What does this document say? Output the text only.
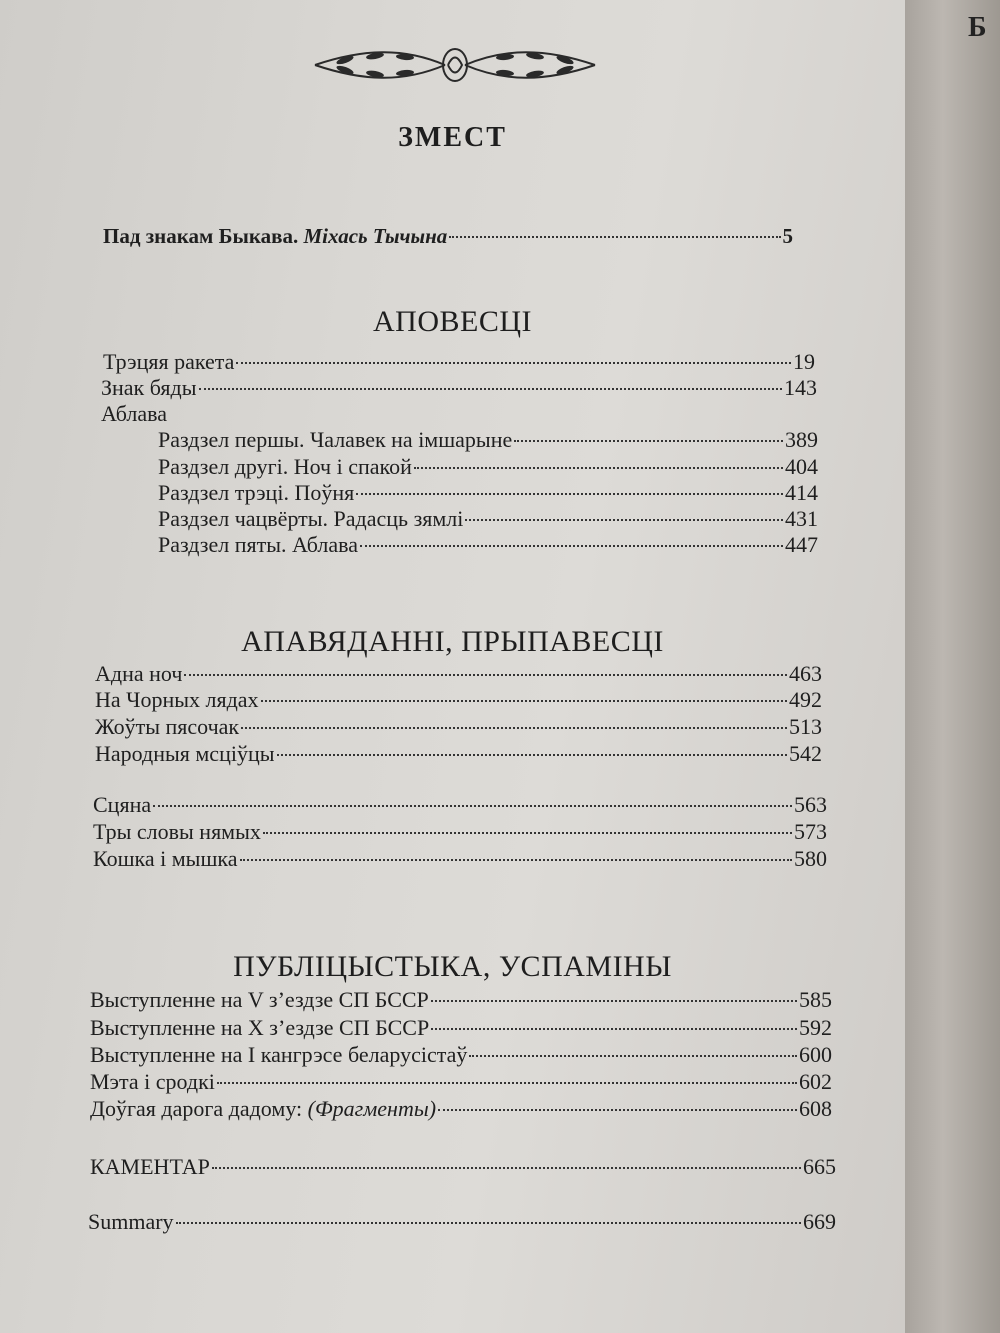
ЗМЕСТ
Пад знакам Быкава. Міхась Тычына	5
АПОВЕСЦІ
Трэцяя ракета	19
Знак бяды	143
Аблава
Раздзел першы. Чалавек на імшарыне	389
Раздзел другі. Ноч і спакой	404
Раздзел трэці. Поўня	414
Раздзел чацвёрты. Радасць зямлі	431
Раздзел пяты. Аблава	447
АПАВЯДАННІ, ПРЫПАВЕСЦІ
Адна ноч	463
На Чорных лядах	492
Жоўты пясочак	513
Народныя мсціўцы	542
Сцяна	563
Тры словы нямых	573
Кошка і мышка	580
ПУБЛІЦЫСТЫКА, УСПАМІНЫ
Выступленне на V з’ездзе СП БССР	585
Выступленне на X з’ездзе СП БССР	592
Выступленне на I кангрэсе беларусістаў	600
Мэта і сродкі	602
Доўгая дарога дадому: (Фрагменты)	608
КАМЕНТАР	665
Summary	669
Б
